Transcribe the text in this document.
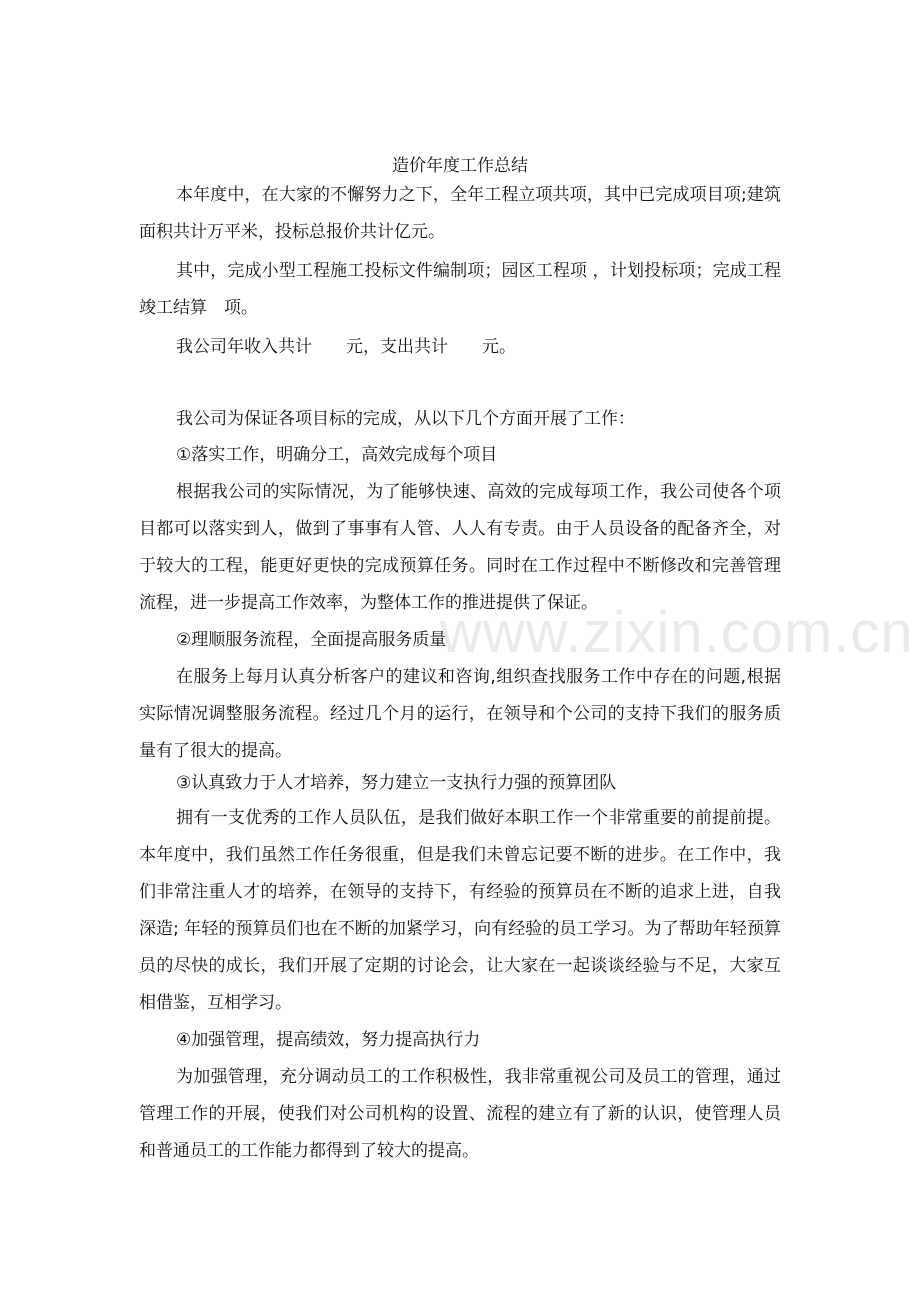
造价年度工作总结

本年度中，在大家的不懈努力之下，全年工程立项共项，其中已完成项目项;建筑面积共计万平米，投标总报价共计亿元。

其中，完成小型工程施工投标文件编制项；园区工程项 ，计划投标项；完成工程竣工结算　项。

我公司年收入共计　　元，支出共计　　元。

我公司为保证各项目标的完成，从以下几个方面开展了工作：

①落实工作，明确分工，高效完成每个项目

根据我公司的实际情况，为了能够快速、高效的完成每项工作，我公司使各个项目都可以落实到人，做到了事事有人管、人人有专责。由于人员设备的配备齐全，对于较大的工程，能更好更快的完成预算任务。同时在工作过程中不断修改和完善管理流程，进一步提高工作效率，为整体工作的推进提供了保证。

②理顺服务流程，全面提高服务质量

在服务上每月认真分析客户的建议和咨询,组织查找服务工作中存在的问题,根据实际情况调整服务流程。经过几个月的运行，在领导和个公司的支持下我们的服务质量有了很大的提高。

③认真致力于人才培养，努力建立一支执行力强的预算团队

拥有一支优秀的工作人员队伍，是我们做好本职工作一个非常重要的前提前提。本年度中，我们虽然工作任务很重，但是我们未曾忘记要不断的进步。在工作中，我们非常注重人才的培养，在领导的支持下，有经验的预算员在不断的追求上进，自我深造; 年轻的预算员们也在不断的加紧学习，向有经验的员工学习。为了帮助年轻预算员的尽快的成长，我们开展了定期的讨论会，让大家在一起谈谈经验与不足，大家互相借鉴，互相学习。

④加强管理，提高绩效，努力提高执行力

为加强管理，充分调动员工的工作积极性，我非常重视公司及员工的管理，通过管理工作的开展，使我们对公司机构的设置、流程的建立有了新的认识，使管理人员和普通员工的工作能力都得到了较大的提高。

www.zixin.com.cn
